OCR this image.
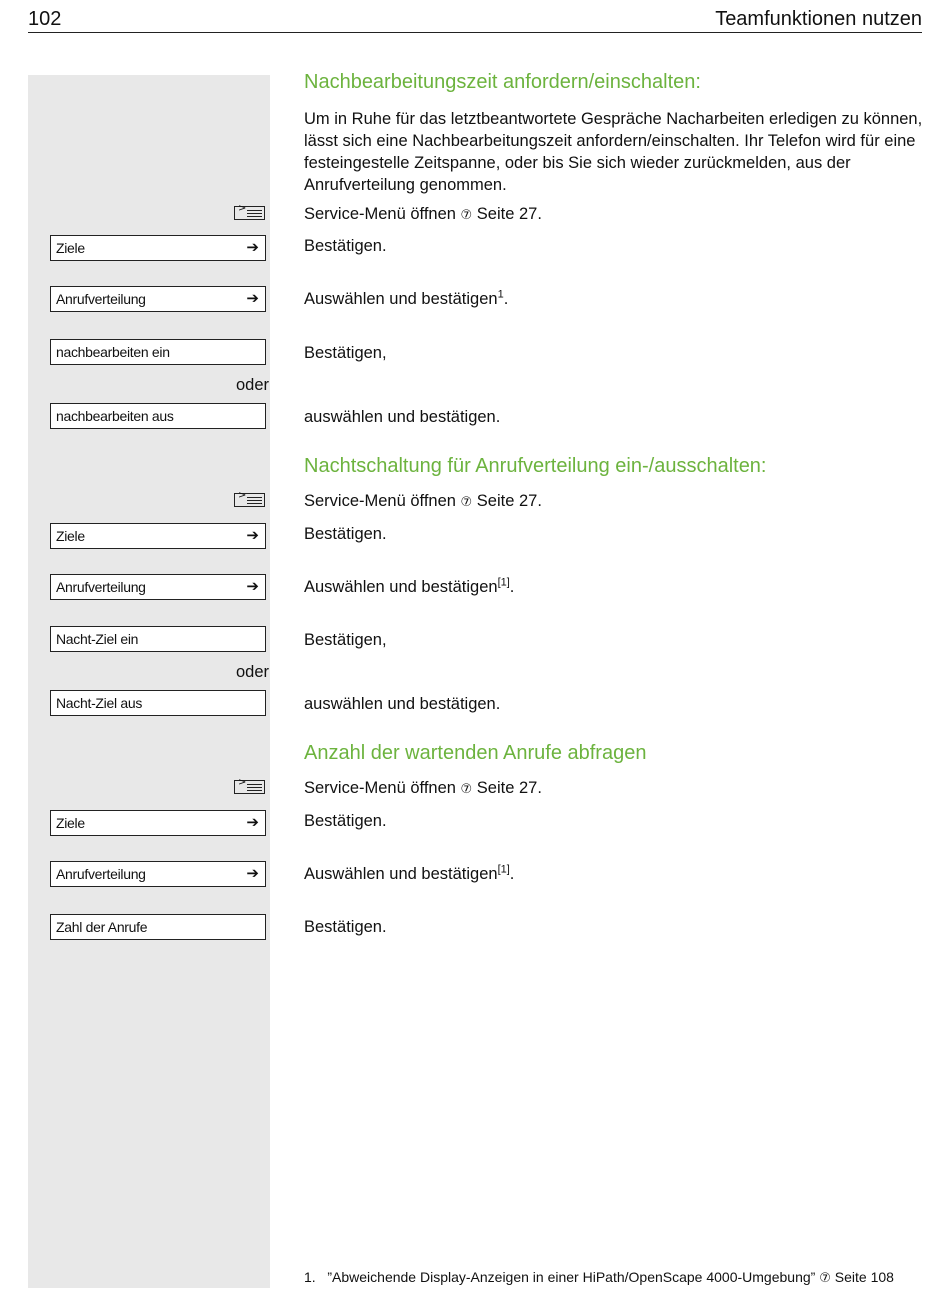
102	Teamfunktionen nutzen
Nachbearbeitungszeit anfordern/einschalten:
Um in Ruhe für das letztbeantwortete Gespräche Nacharbeiten erledigen zu können, lässt sich eine Nachbearbeitungszeit anfordern/einschalten. Ihr Telefon wird für eine festeingestelle Zeitspanne, oder bis Sie sich wieder zurückmelden, aus der Anrufverteilung genommen.
>	Service-Menü öffnen ⑦ Seite 27.
Ziele	➔	Bestätigen.
Anrufverteilung	➔	Auswählen und bestätigen$^1$.
nachbearbeiten ein	Bestätigen,
oder
nachbearbeiten aus	auswählen und bestätigen.
Nachtschaltung für Anrufverteilung ein-/ausschalten:
>	Service-Menü öffnen ⑦ Seite 27.
Ziele	➔	Bestätigen.
Anrufverteilung	➔	Auswählen und bestätigen[1].
Nacht-Ziel ein	Bestätigen,
oder
Nacht-Ziel aus	auswählen und bestätigen.
Anzahl der wartenden Anrufe abfragen
>	Service-Menü öffnen ⑦ Seite 27.
Ziele	➔	Bestätigen.
Anrufverteilung	➔	Auswählen und bestätigen[1].
Zahl der Anrufe	Bestätigen.
1. ”Abweichende Display-Anzeigen in einer HiPath/OpenScape 4000-Umgebung” ⑦ Seite 108
